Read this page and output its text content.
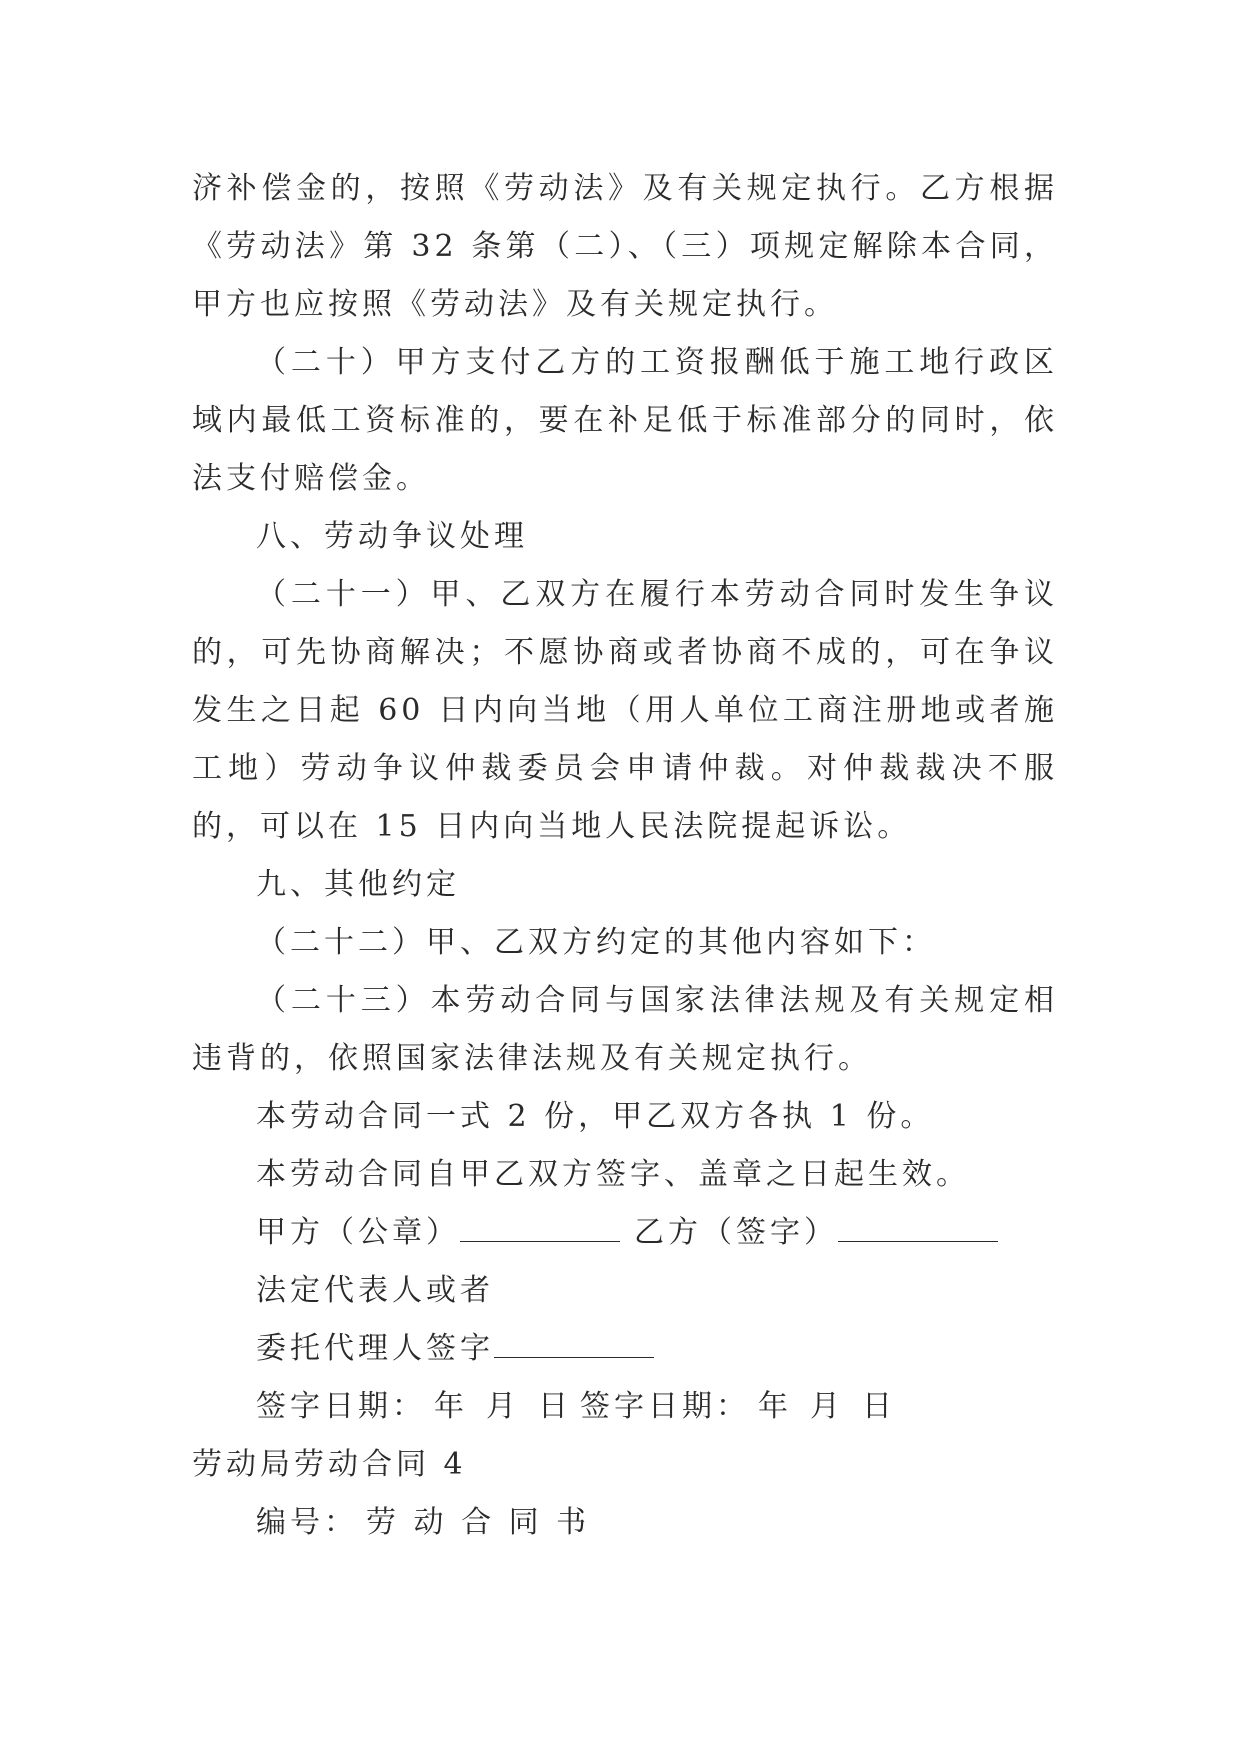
济补偿金的，按照《劳动法》及有关规定执行。乙方根据《劳动法》第 32 条第（二）、（三）项规定解除本合同，甲方也应按照《劳动法》及有关规定执行。

（二十）甲方支付乙方的工资报酬低于施工地行政区域内最低工资标准的，要在补足低于标准部分的同时，依法支付赔偿金。

八、劳动争议处理

（二十一）甲、乙双方在履行本劳动合同时发生争议的，可先协商解决；不愿协商或者协商不成的，可在争议发生之日起 60 日内向当地（用人单位工商注册地或者施工地）劳动争议仲裁委员会申请仲裁。对仲裁裁决不服的，可以在 15 日内向当地人民法院提起诉讼。

九、其他约定

（二十二）甲、乙双方约定的其他内容如下：

（二十三）本劳动合同与国家法律法规及有关规定相违背的，依照国家法律法规及有关规定执行。

本劳动合同一式 2 份，甲乙双方各执 1 份。

本劳动合同自甲乙双方签字、盖章之日起生效。

甲方（公章）	乙方（签字）

法定代表人或者

委托代理人签字

签字日期： 年 月 日 签字日期： 年 月 日

劳动局劳动合同 4

编号： 劳 动 合 同 书
